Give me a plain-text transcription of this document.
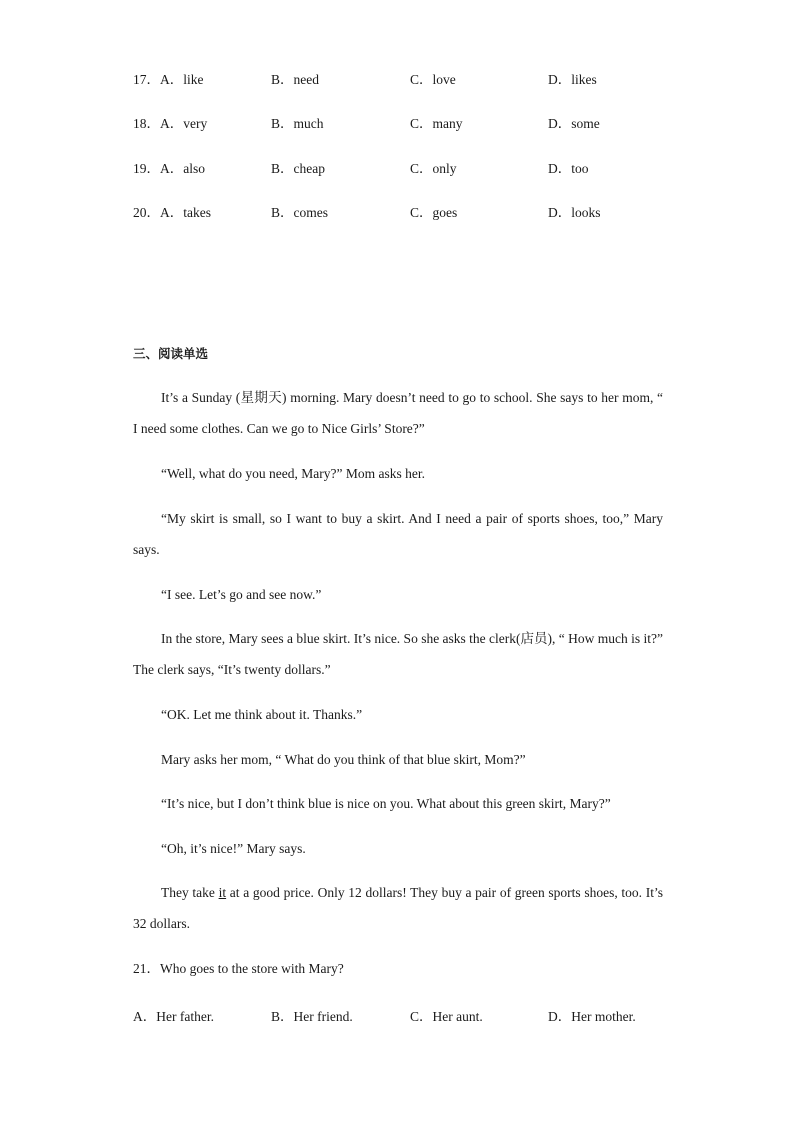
17．A．like	B．need	C．love	D．likes
18．A．very	B．much	C．many	D．some
19．A．also	B．cheap	C．only	D．too
20．A．takes	B．comes	C．goes	D．looks
三、阅读单选
It’s a Sunday (星期天) morning. Mary doesn’t need to go to school. She says to her mom, “ I need some clothes. Can we go to Nice Girls’ Store?”
“Well, what do you need, Mary?” Mom asks her.
“My skirt is small, so I want to buy a skirt. And I need a pair of sports shoes, too,” Mary says.
“I see. Let’s go and see now.”
In the store, Mary sees a blue skirt. It’s nice. So she asks the clerk(店员), “ How much is it?” The clerk says, “It’s twenty dollars.”
“OK. Let me think about it. Thanks.”
Mary asks her mom, “ What do you think of that blue skirt, Mom?”
“It’s nice, but I don’t think blue is nice on you. What about this green skirt, Mary?”
“Oh, it’s nice!” Mary says.
They take it at a good price. Only 12 dollars! They buy a pair of green sports shoes, too. It’s 32 dollars.
21．Who goes to the store with Mary?
A．Her father.	B．Her friend.	C．Her aunt.	D．Her mother.
